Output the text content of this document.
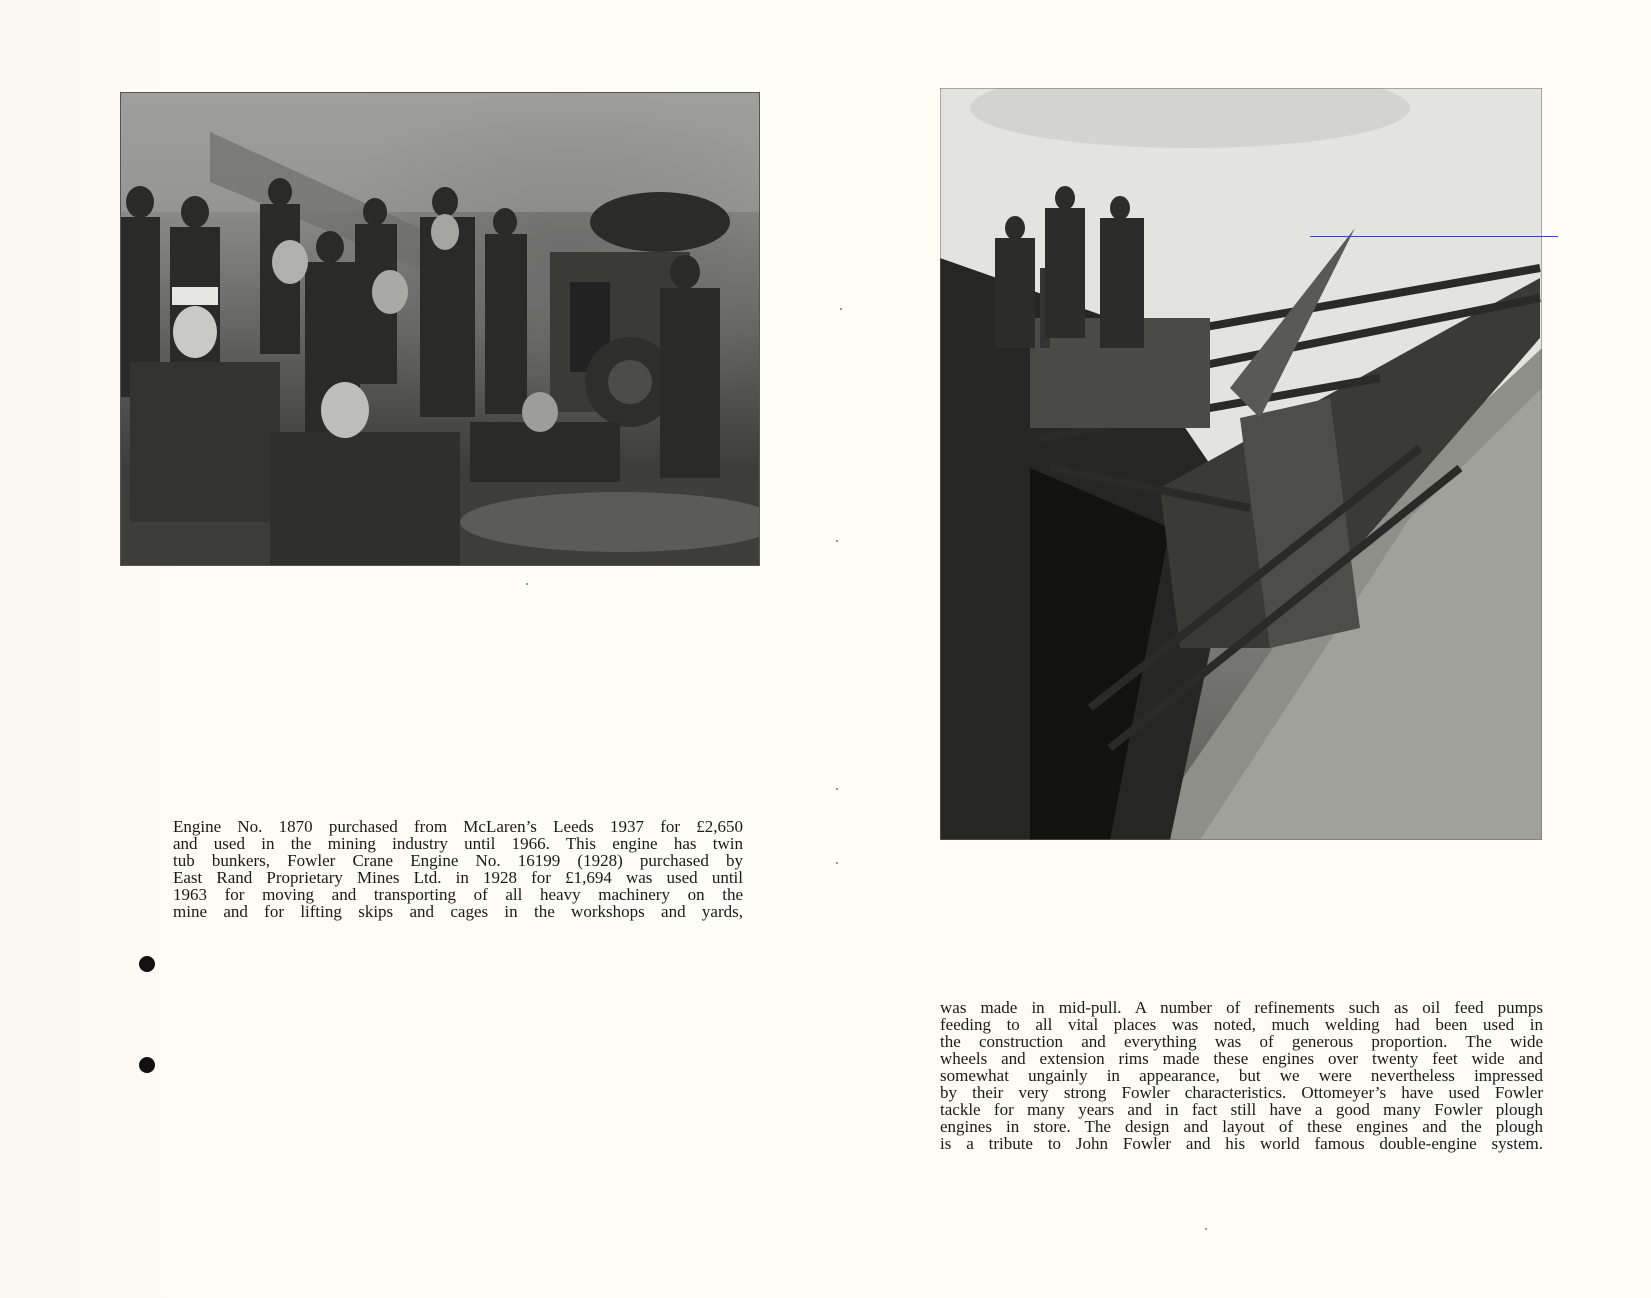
Engine No. 1870 purchased from McLaren’s Leeds 1937 for £2,650
and used in the mining industry until 1966. This engine has twin
tub bunkers, Fowler Crane Engine No. 16199 (1928) purchased by
East Rand Proprietary Mines Ltd. in 1928 for £1,694 was used until
1963 for moving and transporting of all heavy machinery on the
mine and for lifting skips and cages in the workshops and yards,
was made in mid-pull. A number of refinements such as oil feed pumps
feeding to all vital places was noted, much welding had been used in
the construction and everything was of generous proportion. The wide
wheels and extension rims made these engines over twenty feet wide and
somewhat ungainly in appearance, but we were nevertheless impressed
by their very strong Fowler characteristics. Ottomeyer’s have used Fowler
tackle for many years and in fact still have a good many Fowler plough
engines in store. The design and layout of these engines and the plough
is a tribute to John Fowler and his world famous double-engine system.
